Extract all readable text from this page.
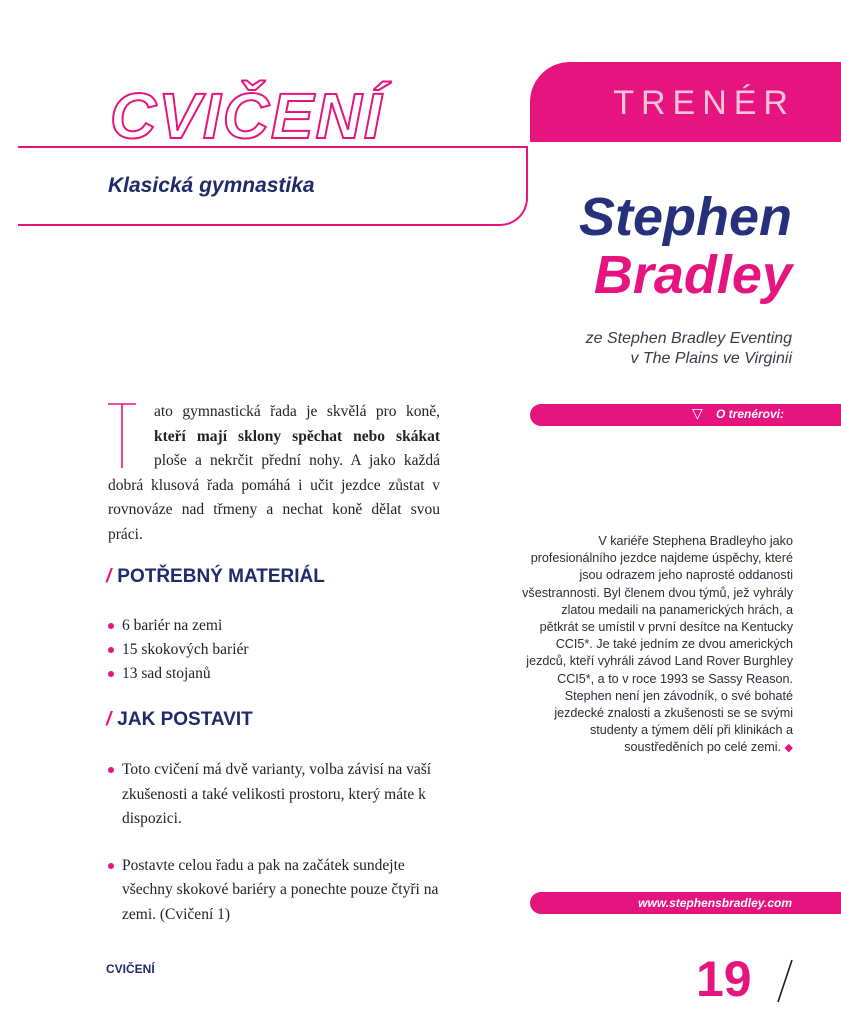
CVIČENÍ
Klasická gymnastika
TRENÉR
Stephen
Bradley
ze Stephen Bradley Eventing
v The Plains ve Virginii
▽ O trenérovi:
V kariéře Stephena Bradleyho jako profesionálního jezdce najdeme úspěchy, které jsou odrazem jeho naprosté oddanosti všestrannosti. Byl členem dvou týmů, jež vyhrály zlatou medaili na panamerických hrách, a pětkrát se umístil v první desítce na Kentucky CCI5*. Je také jedním ze dvou amerických jezdců, kteří vyhráli závod Land Rover Burghley CCI5*, a to v roce 1993 se Sassy Reason. Stephen není jen závodník, o své bohaté jezdecké znalosti a zkušenosti se se svými studenty a týmem dělí při klinikách a soustředěních po celé zemi. ◆
www.stephensbradley.com
ato gymnastická řada je skvělá pro koně, kteří mají sklony spěchat nebo skákat ploše a nekrčit přední nohy. A jako každá dobrá klusová řada pomáhá i učit jezdce zůstat v rovnováze nad třmeny a nechat koně dělat svou práci.
/ POTŘEBNÝ MATERIÁL
6 bariér na zemi
15 skokových bariér
13 sad stojanů
/ JAK POSTAVIT
Toto cvičení má dvě varianty, volba závisí na vaší zkušenosti a také velikosti prostoru, který máte k dispozici.
Postavte celou řadu a pak na začátek sundejte všechny skokové bariéry a ponechte pouze čtyři na zemi. (Cvičení 1)
CVIČENÍ	19
